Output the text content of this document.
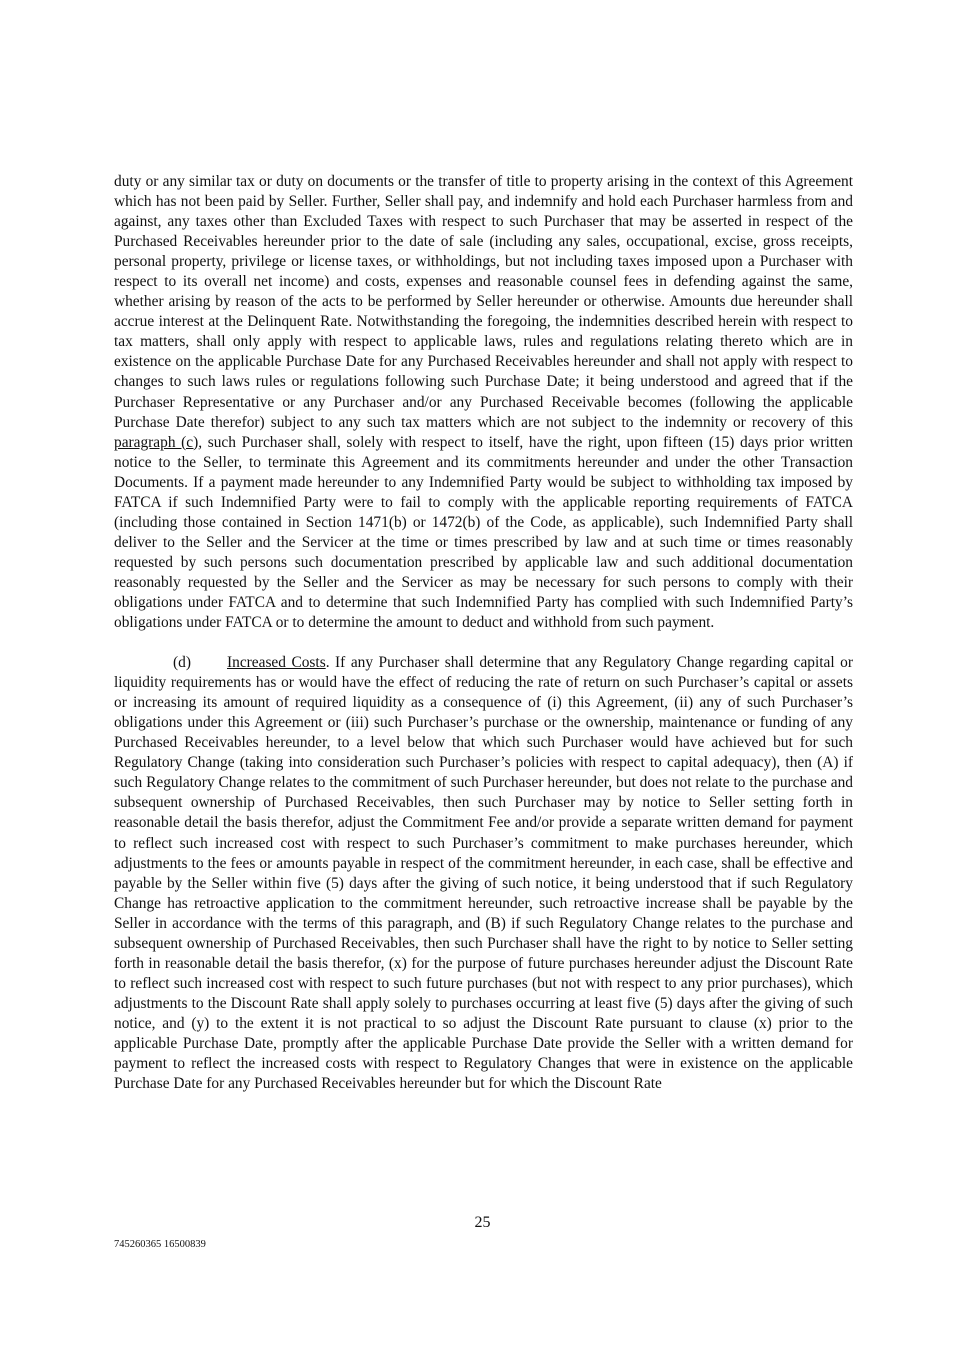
duty or any similar tax or duty on documents or the transfer of title to property arising in the context of this Agreement which has not been paid by Seller. Further, Seller shall pay, and indemnify and hold each Purchaser harmless from and against, any taxes other than Excluded Taxes with respect to such Purchaser that may be asserted in respect of the Purchased Receivables hereunder prior to the date of sale (including any sales, occupational, excise, gross receipts, personal property, privilege or license taxes, or withholdings, but not including taxes imposed upon a Purchaser with respect to its overall net income) and costs, expenses and reasonable counsel fees in defending against the same, whether arising by reason of the acts to be performed by Seller hereunder or otherwise. Amounts due hereunder shall accrue interest at the Delinquent Rate. Notwithstanding the foregoing, the indemnities described herein with respect to tax matters, shall only apply with respect to applicable laws, rules and regulations relating thereto which are in existence on the applicable Purchase Date for any Purchased Receivables hereunder and shall not apply with respect to changes to such laws rules or regulations following such Purchase Date; it being understood and agreed that if the Purchaser Representative or any Purchaser and/or any Purchased Receivable becomes (following the applicable Purchase Date therefor) subject to any such tax matters which are not subject to the indemnity or recovery of this paragraph (c), such Purchaser shall, solely with respect to itself, have the right, upon fifteen (15) days prior written notice to the Seller, to terminate this Agreement and its commitments hereunder and under the other Transaction Documents. If a payment made hereunder to any Indemnified Party would be subject to withholding tax imposed by FATCA if such Indemnified Party were to fail to comply with the applicable reporting requirements of FATCA (including those contained in Section 1471(b) or 1472(b) of the Code, as applicable), such Indemnified Party shall deliver to the Seller and the Servicer at the time or times prescribed by law and at such time or times reasonably requested by such persons such documentation prescribed by applicable law and such additional documentation reasonably requested by the Seller and the Servicer as may be necessary for such persons to comply with their obligations under FATCA and to determine that such Indemnified Party has complied with such Indemnified Party’s obligations under FATCA or to determine the amount to deduct and withhold from such payment.

(d) Increased Costs. If any Purchaser shall determine that any Regulatory Change regarding capital or liquidity requirements has or would have the effect of reducing the rate of return on such Purchaser’s capital or assets or increasing its amount of required liquidity as a consequence of (i) this Agreement, (ii) any of such Purchaser’s obligations under this Agreement or (iii) such Purchaser’s purchase or the ownership, maintenance or funding of any Purchased Receivables hereunder, to a level below that which such Purchaser would have achieved but for such Regulatory Change (taking into consideration such Purchaser’s policies with respect to capital adequacy), then (A) if such Regulatory Change relates to the commitment of such Purchaser hereunder, but does not relate to the purchase and subsequent ownership of Purchased Receivables, then such Purchaser may by notice to Seller setting forth in reasonable detail the basis therefor, adjust the Commitment Fee and/or provide a separate written demand for payment to reflect such increased cost with respect to such Purchaser’s commitment to make purchases hereunder, which adjustments to the fees or amounts payable in respect of the commitment hereunder, in each case, shall be effective and payable by the Seller within five (5) days after the giving of such notice, it being understood that if such Regulatory Change has retroactive application to the commitment hereunder, such retroactive increase shall be payable by the Seller in accordance with the terms of this paragraph, and (B) if such Regulatory Change relates to the purchase and subsequent ownership of Purchased Receivables, then such Purchaser shall have the right to by notice to Seller setting forth in reasonable detail the basis therefor, (x) for the purpose of future purchases hereunder adjust the Discount Rate to reflect such increased cost with respect to such future purchases (but not with respect to any prior purchases), which adjustments to the Discount Rate shall apply solely to purchases occurring at least five (5) days after the giving of such notice, and (y) to the extent it is not practical to so adjust the Discount Rate pursuant to clause (x) prior to the applicable Purchase Date, promptly after the applicable Purchase Date provide the Seller with a written demand for payment to reflect the increased costs with respect to Regulatory Changes that were in existence on the applicable Purchase Date for any Purchased Receivables hereunder but for which the Discount Rate

25
745260365 16500839
